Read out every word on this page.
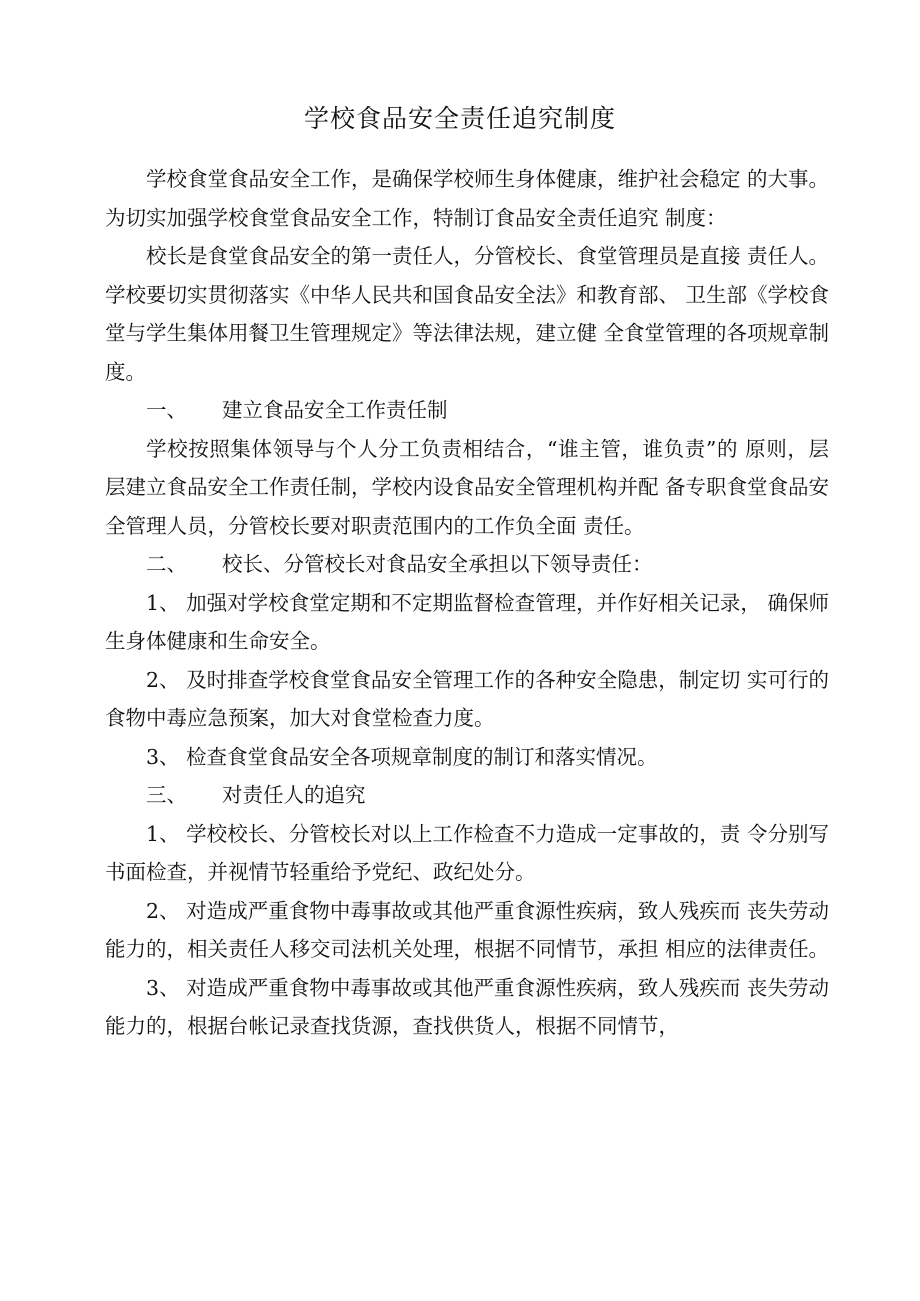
学校食品安全责任追究制度

学校食堂食品安全工作，是确保学校师生身体健康，维护社会稳定 的大事。为切实加强学校食堂食品安全工作，特制订食品安全责任追究 制度：

校长是食堂食品安全的第一责任人，分管校长、食堂管理员是直接 责任人。学校要切实贯彻落实《中华人民共和国食品安全法》和教育部、 卫生部《学校食堂与学生集体用餐卫生管理规定》等法律法规，建立健 全食堂管理的各项规章制度。

一、 建立食品安全工作责任制

学校按照集体领导与个人分工负责相结合，“谁主管，谁负责”的 原则，层层建立食品安全工作责任制，学校内设食品安全管理机构并配 备专职食堂食品安全管理人员，分管校长要对职责范围内的工作负全面 责任。

二、 校长、分管校长对食品安全承担以下领导责任：

1、 加强对学校食堂定期和不定期监督检查管理，并作好相关记录， 确保师生身体健康和生命安全。

2、 及时排查学校食堂食品安全管理工作的各种安全隐患，制定切 实可行的食物中毒应急预案，加大对食堂检查力度。

3、 检查食堂食品安全各项规章制度的制订和落实情况。

三、 对责任人的追究

1、 学校校长、分管校长对以上工作检查不力造成一定事故的，责 令分别写书面检查，并视情节轻重给予党纪、政纪处分。

2、 对造成严重食物中毒事故或其他严重食源性疾病，致人残疾而 丧失劳动能力的，相关责任人移交司法机关处理，根据不同情节，承担 相应的法律责任。

3、 对造成严重食物中毒事故或其他严重食源性疾病，致人残疾而 丧失劳动能力的，根据台帐记录查找货源，查找供货人，根据不同情节，
